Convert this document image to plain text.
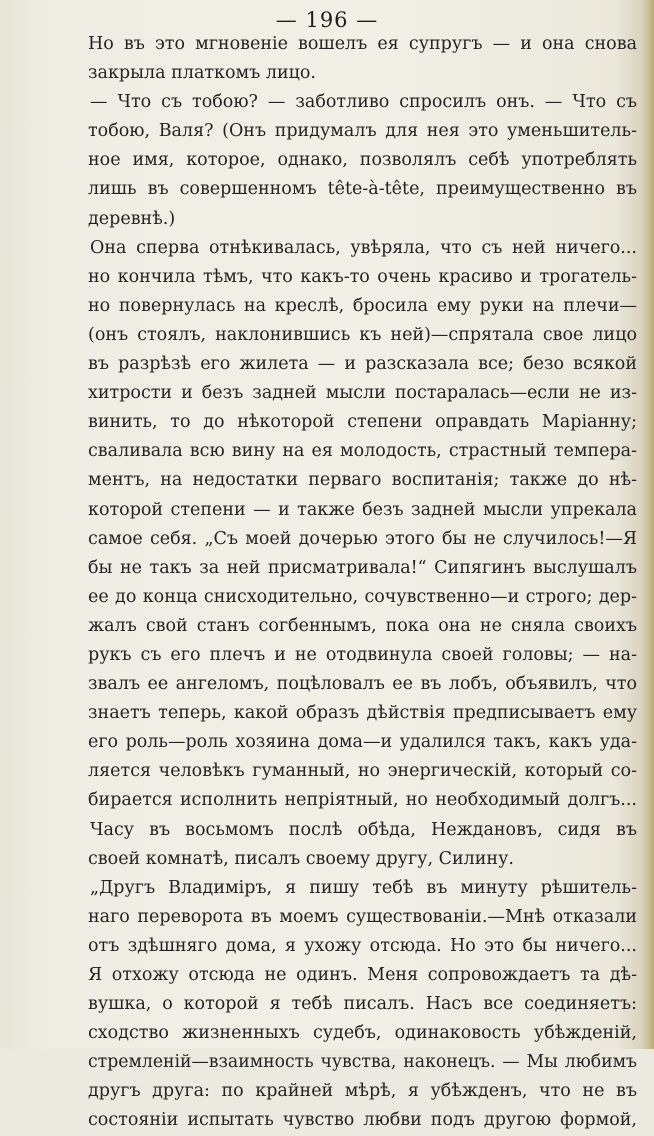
— 196 —
Но въ это мгновеніе вошелъ ея супругъ — и она снова
закрыла платкомъ лицо.
— Что съ тобою? — заботливо спросилъ онъ. — Что съ
тобою, Валя? (Онъ придумалъ для нея это уменьшитель-
ное имя, которое, однако, позволялъ себѣ употреблять
лишь въ совершенномъ tête-à-tête, преимущественно въ
деревнѣ.)
Она сперва отнѣкивалась, увѣряла, что съ ней ничего...
но кончила тѣмъ, что какъ-то очень красиво и трогатель-
но повернулась на креслѣ, бросила ему руки на плечи—
(онъ стоялъ, наклонившись къ ней)—спрятала свое лицо
въ разрѣзѣ его жилета — и разсказала все; безо всякой
хитрости и безъ задней мысли постаралась—если не из-
винить, то до нѣкоторой степени оправдать Маріанну;
сваливала всю вину на ея молодость, страстный темпера-
ментъ, на недостатки перваго воспитанія; также до нѣ-
которой степени — и также безъ задней мысли упрекала
самое себя. „Съ моей дочерью этого бы не случилось!—Я
бы не такъ за ней присматривала!“ Сипягинъ выслушалъ
ее до конца снисходительно, сочувственно—и строго; дер-
жалъ свой станъ согбеннымъ, пока она не сняла своихъ
рукъ съ его плечъ и не отодвинула своей головы; — на-
звалъ ее ангеломъ, поцѣловалъ ее въ лобъ, объявилъ, что
знаетъ теперь, какой образъ дѣйствія предписываетъ ему
его роль—роль хозяина дома—и удалился такъ, какъ уда-
ляется человѣкъ гуманный, но энергическій, который со-
бирается исполнить непріятный, но необходимый долгъ...
Часу въ восьмомъ послѣ обѣда, Неждановъ, сидя въ
своей комнатѣ, писалъ своему другу, Силину.
„Другъ Владиміръ, я пишу тебѣ въ минуту рѣшитель-
наго переворота въ моемъ существованіи.—Мнѣ отказали
отъ здѣшняго дома, я ухожу отсюда. Но это бы ничего...
Я отхожу отсюда не одинъ. Меня сопровождаетъ та дѣ-
вушка, о которой я тебѣ писалъ. Насъ все соединяетъ:
сходство жизненныхъ судебъ, одинаковость убѣжденій,
стремленій—взаимность чувства, наконецъ. — Мы любимъ
другъ друга: по крайней мѣрѣ, я убѣжденъ, что не въ
состояніи испытать чувство любви подъ другою формой,
